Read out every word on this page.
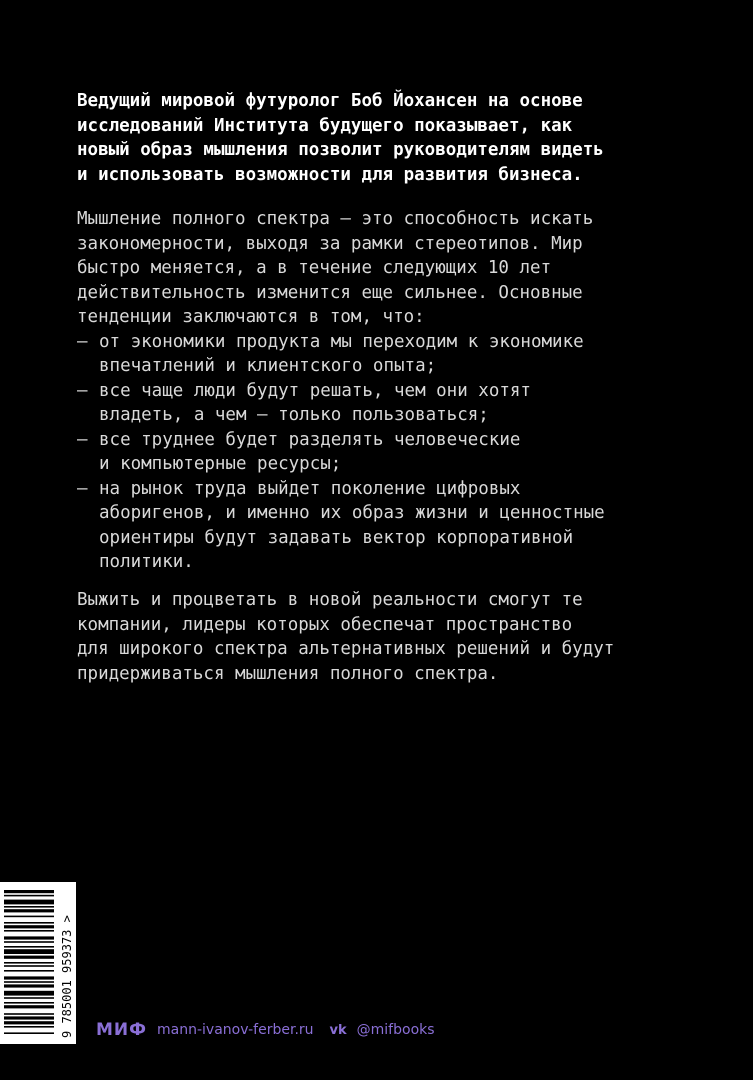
Ведущий мировой футуролог Боб Йохансен на основе
исследований Института будущего показывает, как
новый образ мышления позволит руководителям видеть
и использовать возможности для развития бизнеса.
Мышление полного спектра — это способность искать
закономерности, выходя за рамки стереотипов. Мир
быстро меняется, а в течение следующих 10 лет
действительность изменится еще сильнее. Основные
тенденции заключаются в том, что:
— от экономики продукта мы переходим к экономике
впечатлений и клиентского опыта;
— все чаще люди будут решать, чем они хотят
владеть, а чем — только пользоваться;
— все труднее будет разделять человеческие
и компьютерные ресурсы;
— на рынок труда выйдет поколение цифровых
аборигенов, и именно их образ жизни и ценностные
ориентиры будут задавать вектор корпоративной
политики.
Выжить и процветать в новой реальности смогут те
компании, лидеры которых обеспечат пространство
для широкого спектра альтернативных решений и будут
придерживаться мышления полного спектра.
9 785001 959373 > МИФ mann-ivanov-ferber.ru vk @mifbooks
